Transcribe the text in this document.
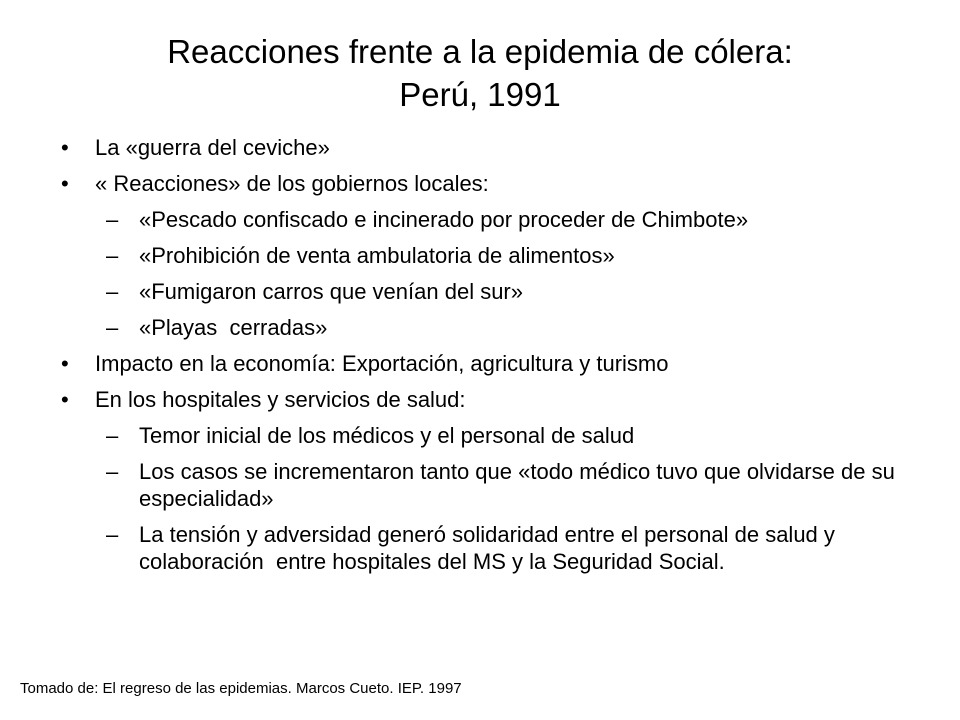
Reacciones frente a la epidemia de cólera:
Perú, 1991
• La «guerra del ceviche»
• « Reacciones» de los gobiernos locales:
– «Pescado confiscado e incinerado por proceder de Chimbote»
– «Prohibición de venta ambulatoria de alimentos»
– «Fumigaron carros que venían del sur»
– «Playas  cerradas»
• Impacto en la economía: Exportación, agricultura y turismo
• En los hospitales y servicios de salud:
– Temor inicial de los médicos y el personal de salud
– Los casos se incrementaron tanto que «todo médico tuvo que olvidarse de su especialidad»
– La tensión y adversidad generó solidaridad entre el personal de salud y colaboración  entre hospitales del MS y la Seguridad Social.
Tomado de: El regreso de las epidemias. Marcos Cueto. IEP. 1997
